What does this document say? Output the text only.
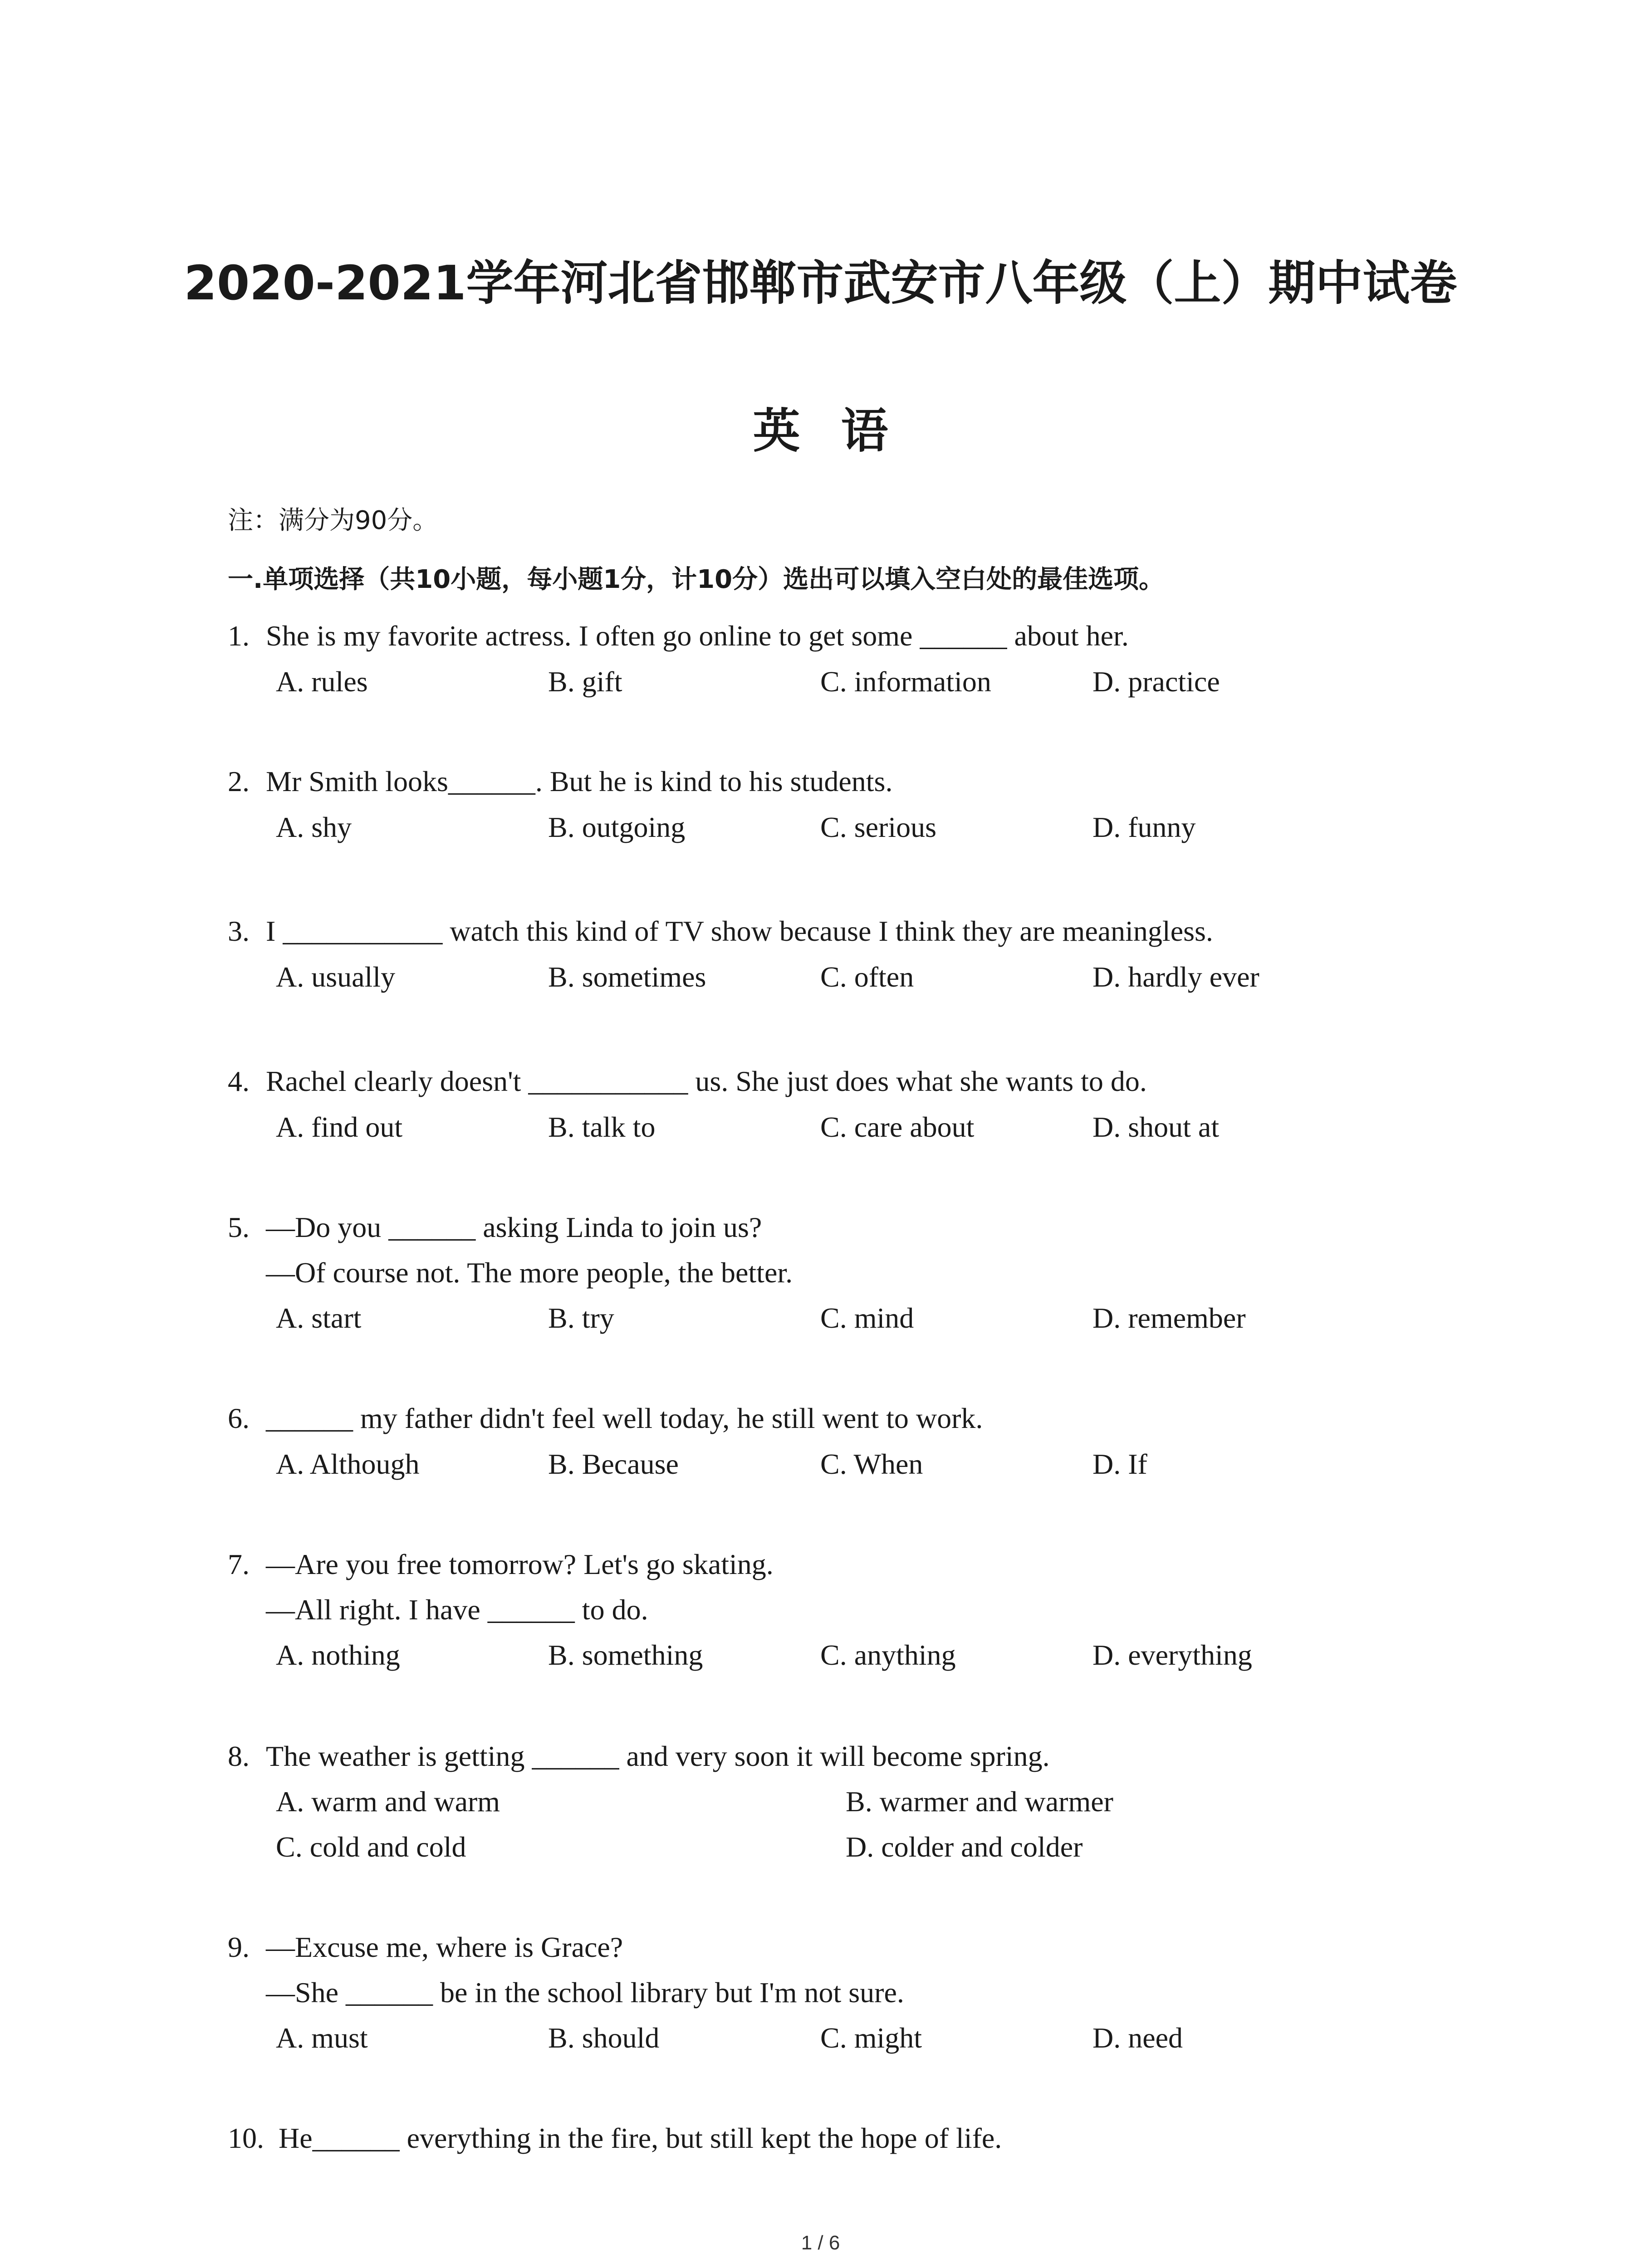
2020-2021学年河北省邯郸市武安市八年级（上）期中试卷
英语
注：满分为90分。
一.单项选择（共10小题，每小题1分，计10分）选出可以填入空白处的最佳选项。
1. She is my favorite actress. I often go online to get some ______ about her.
A. rules	B. gift	C. information	D. practice
2. Mr Smith looks______. But he is kind to his students.
A. shy	B. outgoing	C. serious	D. funny
3. I ___________ watch this kind of TV show because I think they are meaningless.
A. usually	B. sometimes	C. often	D. hardly ever
4. Rachel clearly doesn't ___________ us. She just does what she wants to do.
A. find out	B. talk to	C. care about	D. shout at
5. —Do you ______ asking Linda to join us?
—Of course not. The more people, the better.
A. start	B. try	C. mind	D. remember
6. ______ my father didn't feel well today, he still went to work.
A. Although	B. Because	C. When	D. If
7. —Are you free tomorrow? Let's go skating.
—All right. I have ______ to do.
A. nothing	B. something	C. anything	D. everything
8. The weather is getting ______ and very soon it will become spring.
A. warm and warm	B. warmer and warmer
C. cold and cold	D. colder and colder
9. —Excuse me, where is Grace?
—She ______ be in the school library but I'm not sure.
A. must	B. should	C. might	D. need
10. He______ everything in the fire, but still kept the hope of life.
1 / 6
